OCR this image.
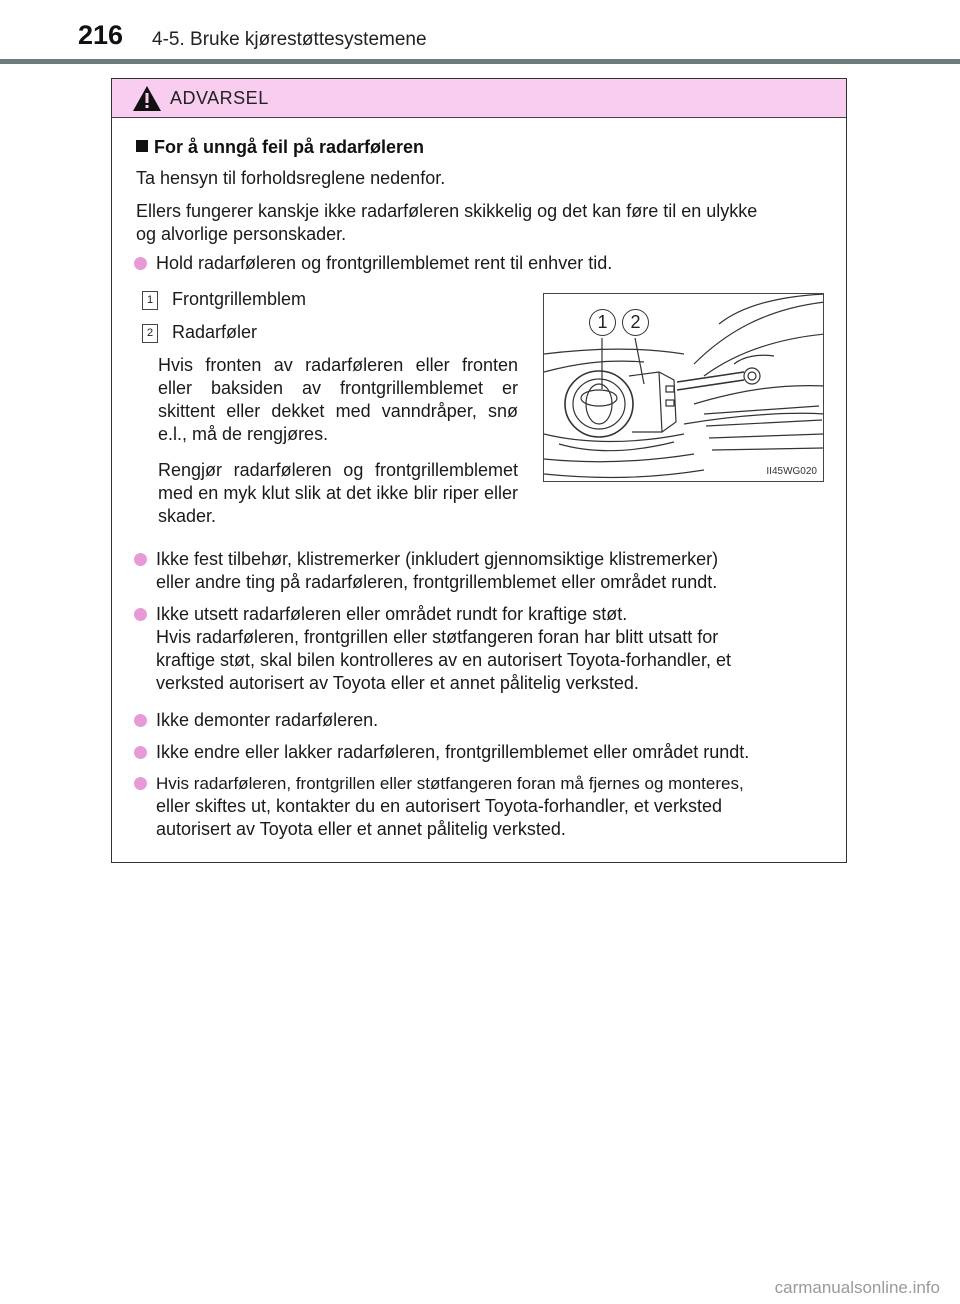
216 4-5. Bruke kjørestøttesystemene
ADVARSEL
For å unngå feil på radarføleren
Ta hensyn til forholdsreglene nedenfor.
Ellers fungerer kanskje ikke radarføleren skikkelig og det kan føre til en ulykke
og alvorlige personskader.
Hold radarføleren og frontgrillemblemet rent til enhver tid.
1 Frontgrillemblem
2 Radarføler
Hvis fronten av radarføleren eller fronten eller baksiden av frontgrillemblemet er skittent eller dekket med vanndråper, snø e.l., må de rengjøres.
Rengjør radarføleren og frontgrillemblemet med en myk klut slik at det ikke blir riper eller skader.
1	2
II45WG020
Ikke fest tilbehør, klistremerker (inkludert gjennomsiktige klistremerker)
eller andre ting på radarføleren, frontgrillemblemet eller området rundt.
Ikke utsett radarføleren eller området rundt for kraftige støt.
Hvis radarføleren, frontgrillen eller støtfangeren foran har blitt utsatt for
kraftige støt, skal bilen kontrolleres av en autorisert Toyota-forhandler, et
verksted autorisert av Toyota eller et annet pålitelig verksted.
Ikke demonter radarføleren.
Ikke endre eller lakker radarføleren, frontgrillemblemet eller området rundt.
Hvis radarføleren, frontgrillen eller støtfangeren foran må fjernes og monteres,
eller skiftes ut, kontakter du en autorisert Toyota-forhandler, et verksted
autorisert av Toyota eller et annet pålitelig verksted.
carmanualsonline.info
